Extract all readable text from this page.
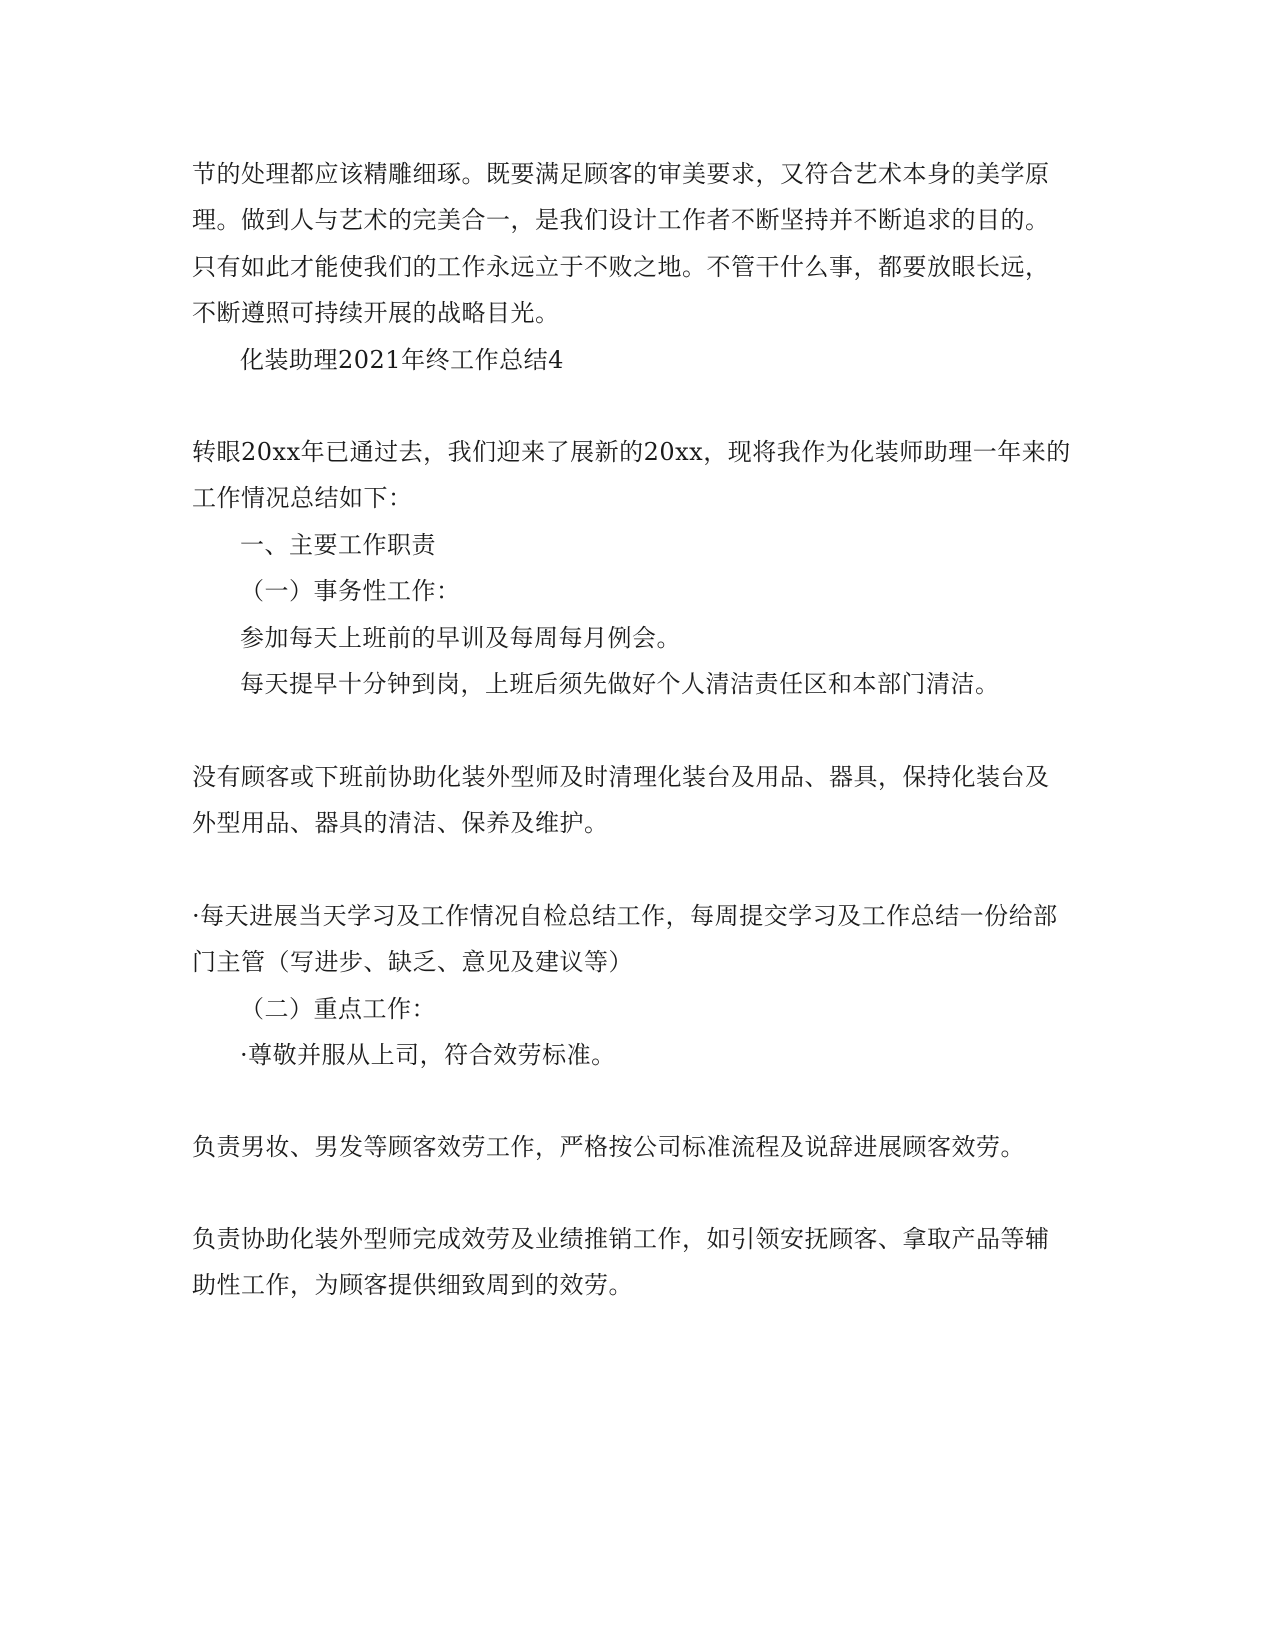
节的处理都应该精雕细琢。既要满足顾客的审美要求，又符合艺术本身的美学原
理。做到人与艺术的完美合一，是我们设计工作者不断坚持并不断追求的目的。
只有如此才能使我们的工作永远立于不败之地。不管干什么事，都要放眼长远，
不断遵照可持续开展的战略目光。
化装助理2021年终工作总结4
转眼20xx年已通过去，我们迎来了展新的20xx，现将我作为化装师助理一年来的
工作情况总结如下：
一、主要工作职责
（一）事务性工作：
参加每天上班前的早训及每周每月例会。
每天提早十分钟到岗，上班后须先做好个人清洁责任区和本部门清洁。
没有顾客或下班前协助化装外型师及时清理化装台及用品、器具，保持化装台及
外型用品、器具的清洁、保养及维护。
·每天进展当天学习及工作情况自检总结工作，每周提交学习及工作总结一份给部
门主管（写进步、缺乏、意见及建议等）
（二）重点工作：
·尊敬并服从上司，符合效劳标准。
负责男妆、男发等顾客效劳工作，严格按公司标准流程及说辞进展顾客效劳。
负责协助化装外型师完成效劳及业绩推销工作，如引领安抚顾客、拿取产品等辅
助性工作，为顾客提供细致周到的效劳。
